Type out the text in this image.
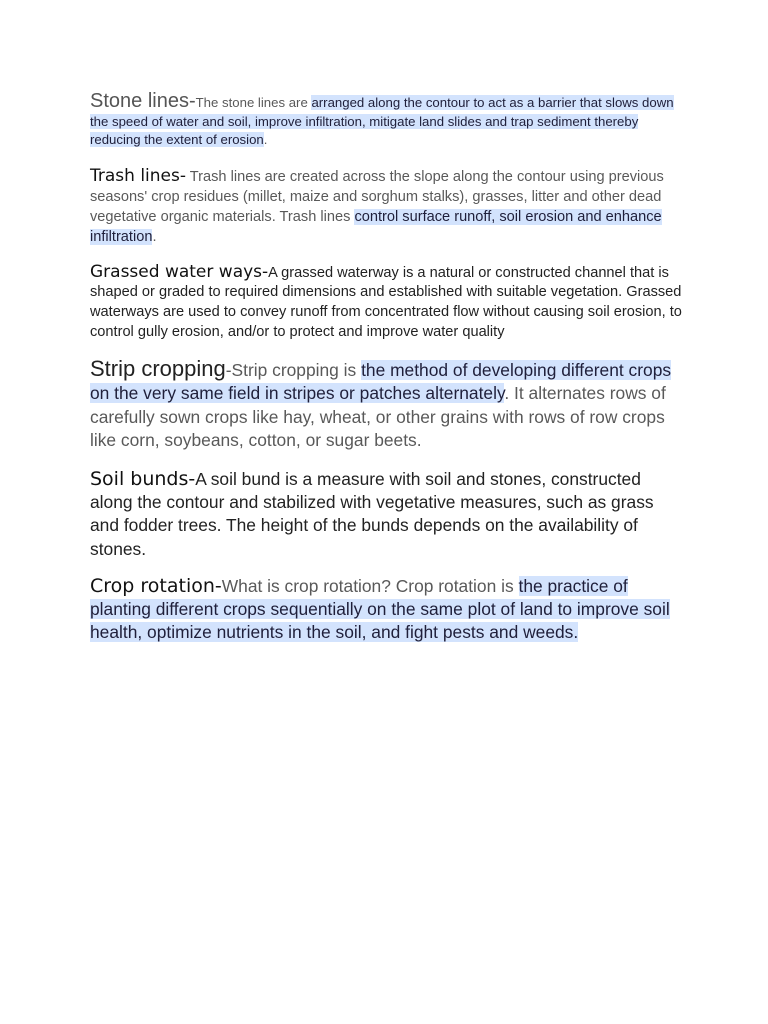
Stone lines-The stone lines are arranged along the contour to act as a barrier that slows down the speed of water and soil, improve infiltration, mitigate land slides and trap sediment thereby reducing the extent of erosion.

Trash lines- Trash lines are created across the slope along the contour using previous seasons' crop residues (millet, maize and sorghum stalks), grasses, litter and other dead vegetative organic materials. Trash lines control surface runoff, soil erosion and enhance infiltration.

Grassed water ways-A grassed waterway is a natural or constructed channel that is shaped or graded to required dimensions and established with suitable vegetation. Grassed waterways are used to convey runoff from concentrated flow without causing soil erosion, to control gully erosion, and/or to protect and improve water quality

Strip cropping-Strip cropping is the method of developing different crops on the very same field in stripes or patches alternately. It alternates rows of carefully sown crops like hay, wheat, or other grains with rows of row crops like corn, soybeans, cotton, or sugar beets.

Soil bunds-A soil bund is a measure with soil and stones, constructed along the contour and stabilized with vegetative measures, such as grass and fodder trees. The height of the bunds depends on the availability of stones.

Crop rotation-What is crop rotation? Crop rotation is the practice of planting different crops sequentially on the same plot of land to improve soil health, optimize nutrients in the soil, and fight pests and weeds.
